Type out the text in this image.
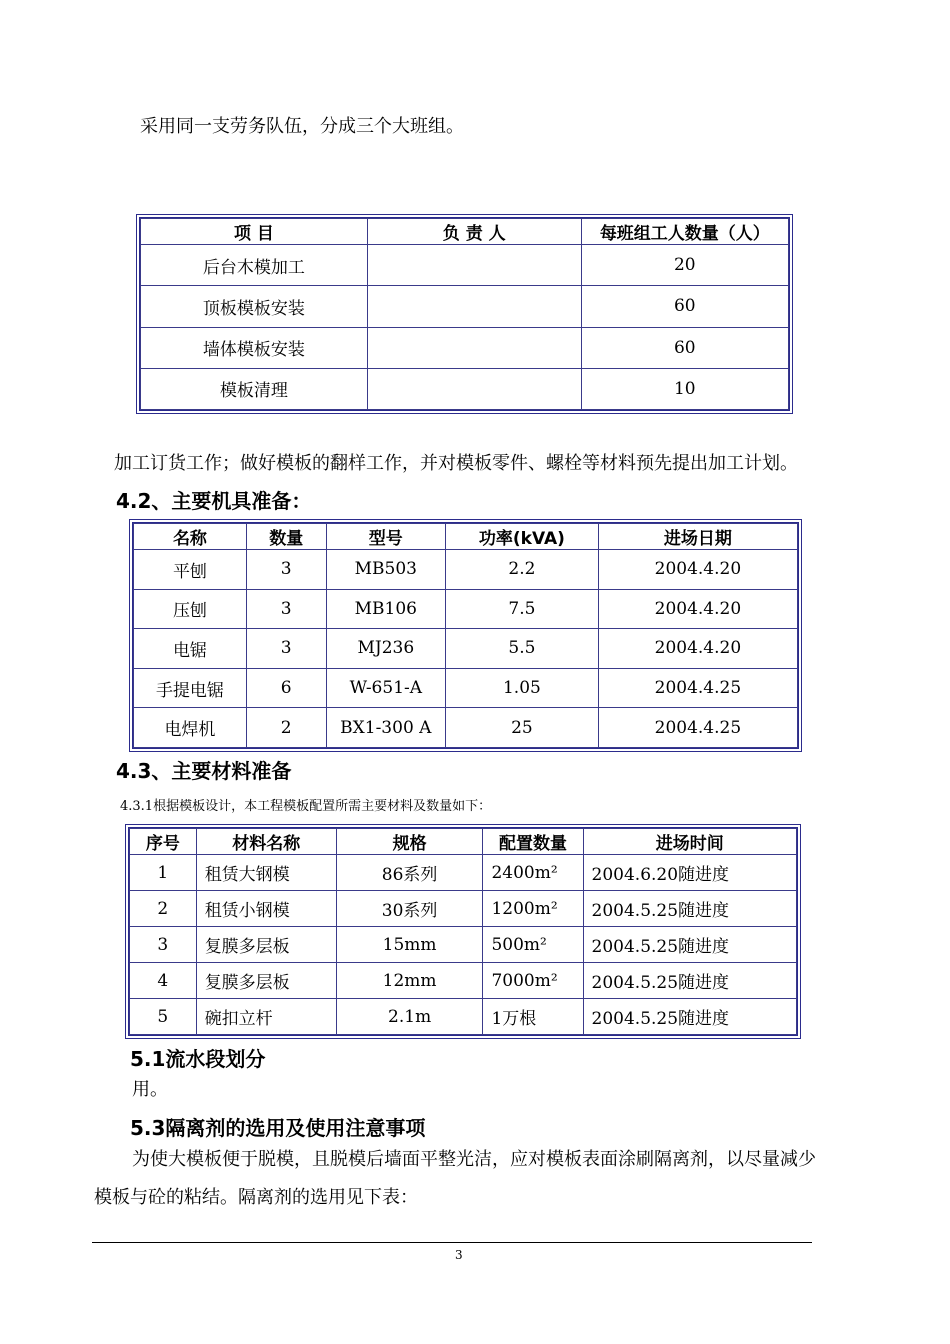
采用同一支劳务队伍，分成三个大班组。
项 目	负 责 人	每班组工人数量（人）
后台木模加工		20
顶板模板安装		60
墙体模板安装		60
模板清理		10
加工订货工作；做好模板的翻样工作，并对模板零件、螺栓等材料预先提出加工计划。
4.2、主要机具准备：
名称	数量	型号	功率(kVA)	进场日期
平刨	3	MB503	2.2	2004.4.20
压刨	3	MB106	7.5	2004.4.20
电锯	3	MJ236	5.5	2004.4.20
手提电锯	6	W-651-A	1.05	2004.4.25
电焊机	2	BX1-300 A	25	2004.4.25
4.3、主要材料准备
4.3.1根据模板设计，本工程模板配置所需主要材料及数量如下：
序号	材料名称	规格	配置数量	进场时间
1	租赁大钢模	86系列	2400m²	2004.6.20随进度
2	租赁小钢模	30系列	1200m²	2004.5.25随进度
3	复膜多层板	15mm	500m²	2004.5.25随进度
4	复膜多层板	12mm	7000m²	2004.5.25随进度
5	碗扣立杆	2.1m	1万根	2004.5.25随进度
5.1流水段划分
用。
5.3隔离剂的选用及使用注意事项
为使大模板便于脱模，且脱模后墙面平整光洁，应对模板表面涂刷隔离剂，以尽量减少
模板与砼的粘结。隔离剂的选用见下表：
3
